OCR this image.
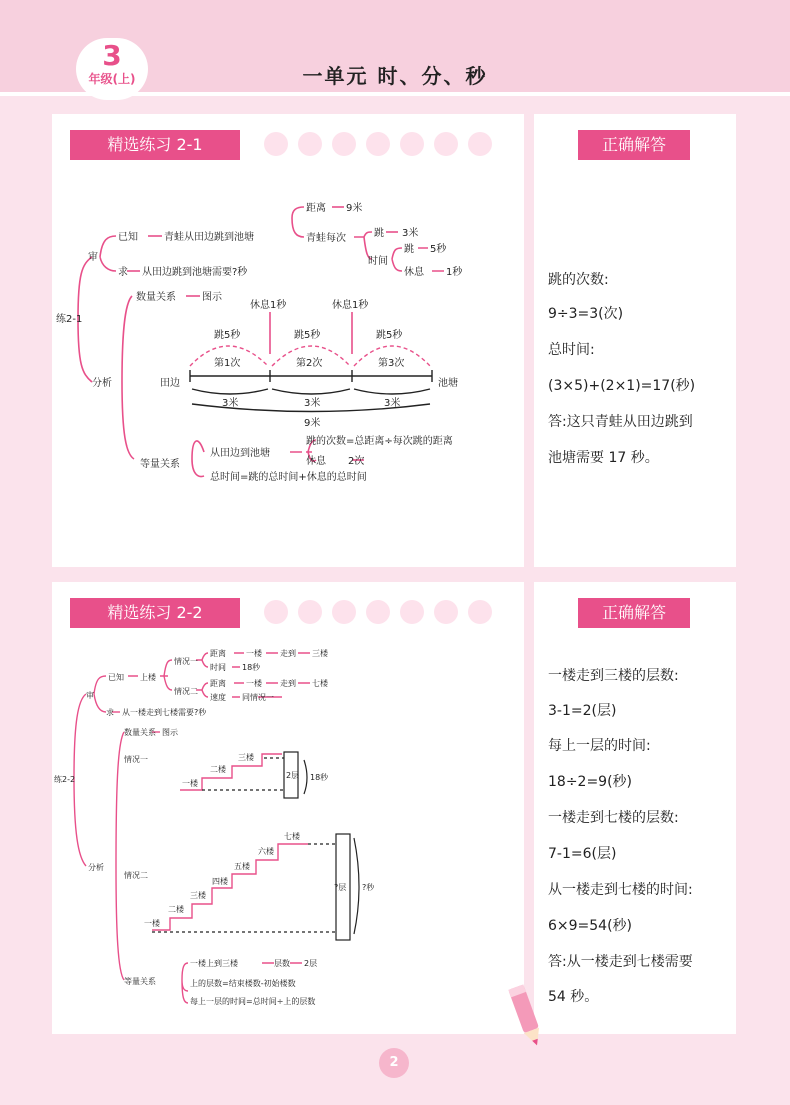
3
年级(上)	一单元 时、分、秒
精选练习 2-1
练2-1
审
已知	青蛙从田边跳到池塘
距离 9米
青蛙每次	跳 3米
时间
跳 5秒
休息 1秒
求 从田边跳到池塘需要?秒
分析
数量关系	图示
休息1秒	休息1秒
跳5秒	跳5秒	跳5秒
第1次	第2次	第3次
田边	池塘
3米	3米	3米
9米
等量关系
从田边到池塘
跳的次数=总距离÷每次跳的距离
休息 2次
总时间=跳的总时间+休息的总时间
正确解答
跳的次数:
9÷3=3(次)
总时间:
(3×5)+(2×1)=17(秒)
答:这只青蛙从田边跳到
池塘需要 17 秒。
精选练习 2-2
练2-2
审
已知 上楼
情况一
情况二
距离	一楼 走到 三楼
时间 18秒
距离	一楼 走到 七楼
速度 同情况一
求 从一楼走到七楼需要?秒
分析
数量关系 图示
情况一
一楼
二楼
三楼
2层 18秒
情况二
一楼
二楼
三楼
四楼
五楼
六楼
七楼
?层 ?秒
等量关系
一楼上到三楼	层数 2层
上的层数=结束楼数-初始楼数
每上一层的时间=总时间÷上的层数
正确解答
一楼走到三楼的层数:
3-1=2(层)
每上一层的时间:
18÷2=9(秒)
一楼走到七楼的层数:
7-1=6(层)
从一楼走到七楼的时间:
6×9=54(秒)
答:从一楼走到七楼需要
54 秒。
2
